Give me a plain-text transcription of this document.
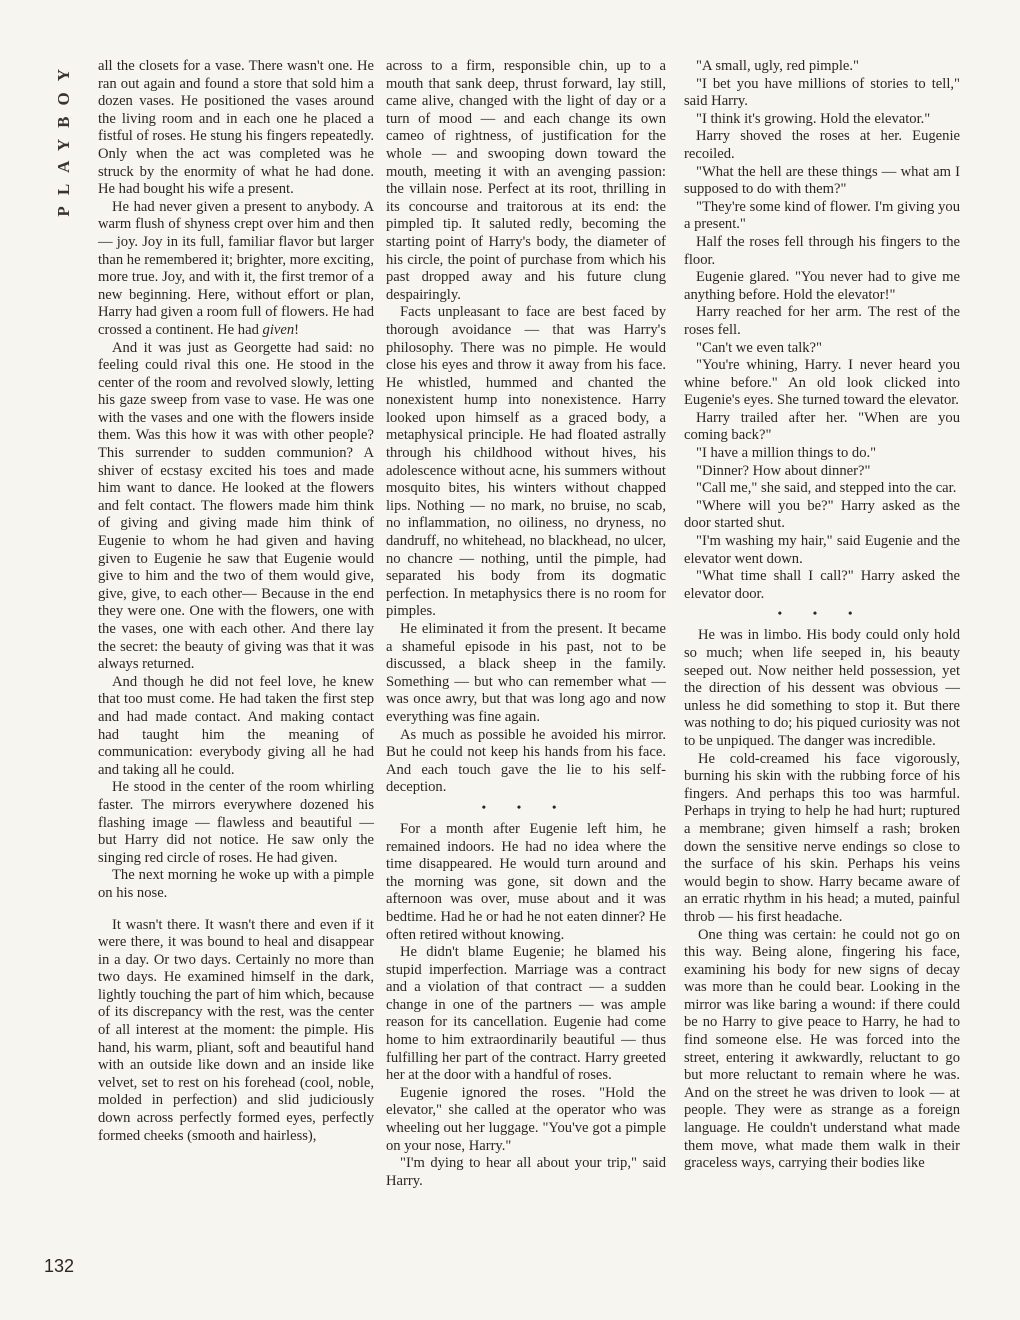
PLAYBOY	all the closets for a vase. There wasn't one. He ran out again and found a store that sold him a dozen vases. He positioned the vases around the living room and in each one he placed a fistful of roses. He stung his fingers repeatedly. Only when the act was completed was he struck by the enormity of what he had done. He had bought his wife a present.

He had never given a present to anybody. A warm flush of shyness crept over him and then — joy. Joy in its full, familiar flavor but larger than he remembered it; brighter, more exciting, more true. Joy, and with it, the first tremor of a new beginning. Here, without effort or plan, Harry had given a room full of flowers. He had crossed a continent. He had given!

And it was just as Georgette had said: no feeling could rival this one. He stood in the center of the room and revolved slowly, letting his gaze sweep from vase to vase. He was one with the vases and one with the flowers inside them. Was this how it was with other people? This surrender to sudden communion? A shiver of ecstasy excited his toes and made him want to dance. He looked at the flowers and felt contact. The flowers made him think of giving and giving made him think of Eugenie to whom he had given and having given to Eugenie he saw that Eugenie would give to him and the two of them would give, give, give, to each other— Because in the end they were one. One with the flowers, one with the vases, one with each other. And there lay the secret: the beauty of giving was that it was always returned.

And though he did not feel love, he knew that too must come. He had taken the first step and had made contact. And making contact had taught him the meaning of communication: everybody giving all he had and taking all he could.

He stood in the center of the room whirling faster. The mirrors everywhere dozened his flashing image — flawless and beautiful — but Harry did not notice. He saw only the singing red circle of roses. He had given.

The next morning he woke up with a pimple on his nose.

It wasn't there. It wasn't there and even if it were there, it was bound to heal and disappear in a day. Or two days. Certainly no more than two days. He examined himself in the dark, lightly touching the part of him which, because of its discrepancy with the rest, was the center of all interest at the moment: the pimple. His hand, his warm, pliant, soft and beautiful hand with an outside like down and an inside like velvet, set to rest on his forehead (cool, noble, molded in perfection) and slid judiciously down across perfectly formed eyes, perfectly formed cheeks (smooth and hairless),

across to a firm, responsible chin, up to a mouth that sank deep, thrust forward, lay still, came alive, changed with the light of day or a turn of mood — and each change its own cameo of rightness, of justification for the whole — and swooping down toward the mouth, meeting it with an avenging passion: the villain nose. Perfect at its root, thrilling in its concourse and traitorous at its end: the pimpled tip. It saluted redly, becoming the starting point of Harry's body, the diameter of his circle, the point of purchase from which his past dropped away and his future clung despairingly.

Facts unpleasant to face are best faced by thorough avoidance — that was Harry's philosophy. There was no pimple. He would close his eyes and throw it away from his face. He whistled, hummed and chanted the nonexistent hump into nonexistence. Harry looked upon himself as a graced body, a metaphysical principle. He had floated astrally through his childhood without hives, his adolescence without acne, his summers without mosquito bites, his winters without chapped lips. Nothing — no mark, no bruise, no scab, no inflammation, no oiliness, no dryness, no dandruff, no whitehead, no blackhead, no ulcer, no chancre — nothing, until the pimple, had separated his body from its dogmatic perfection. In metaphysics there is no room for pimples.

He eliminated it from the present. It became a shameful episode in his past, not to be discussed, a black sheep in the family. Something — but who can remember what — was once awry, but that was long ago and now everything was fine again.

As much as possible he avoided his mirror. But he could not keep his hands from his face. And each touch gave the lie to his self-deception.

• • •

For a month after Eugenie left him, he remained indoors. He had no idea where the time disappeared. He would turn around and the morning was gone, sit down and the afternoon was over, muse about and it was bedtime. Had he or had he not eaten dinner? He often retired without knowing.

He didn't blame Eugenie; he blamed his stupid imperfection. Marriage was a contract and a violation of that contract — a sudden change in one of the partners — was ample reason for its cancellation. Eugenie had come home to him extraordinarily beautiful — thus fulfilling her part of the contract. Harry greeted her at the door with a handful of roses.

Eugenie ignored the roses. "Hold the elevator," she called at the operator who was wheeling out her luggage. "You've got a pimple on your nose, Harry."

"I'm dying to hear all about your trip," said Harry.

"A small, ugly, red pimple."

"I bet you have millions of stories to tell," said Harry.

"I think it's growing. Hold the elevator."

Harry shoved the roses at her. Eugenie recoiled.

"What the hell are these things — what am I supposed to do with them?"

"They're some kind of flower. I'm giving you a present."

Half the roses fell through his fingers to the floor.

Eugenie glared. "You never had to give me anything before. Hold the elevator!"

Harry reached for her arm. The rest of the roses fell.

"Can't we even talk?"

"You're whining, Harry. I never heard you whine before." An old look clicked into Eugenie's eyes. She turned toward the elevator.

Harry trailed after her. "When are you coming back?"

"I have a million things to do."

"Dinner? How about dinner?"

"Call me," she said, and stepped into the car.

"Where will you be?" Harry asked as the door started shut.

"I'm washing my hair," said Eugenie and the elevator went down.

"What time shall I call?" Harry asked the elevator door.

• • •

He was in limbo. His body could only hold so much; when life seeped in, his beauty seeped out. Now neither held possession, yet the direction of his dessent was obvious — unless he did something to stop it. But there was nothing to do; his piqued curiosity was not to be unpiqued. The danger was incredible.

He cold-creamed his face vigorously, burning his skin with the rubbing force of his fingers. And perhaps this too was harmful. Perhaps in trying to help he had hurt; ruptured a membrane; given himself a rash; broken down the sensitive nerve endings so close to the surface of his skin. Perhaps his veins would begin to show. Harry became aware of an erratic rhythm in his head; a muted, painful throb — his first headache.

One thing was certain: he could not go on this way. Being alone, fingering his face, examining his body for new signs of decay was more than he could bear. Looking in the mirror was like baring a wound: if there could be no Harry to give peace to Harry, he had to find someone else. He was forced into the street, entering it awkwardly, reluctant to go but more reluctant to remain where he was. And on the street he was driven to look — at people. They were as strange as a foreign language. He couldn't understand what made them move, what made them walk in their graceless ways, carrying their bodies like

132
